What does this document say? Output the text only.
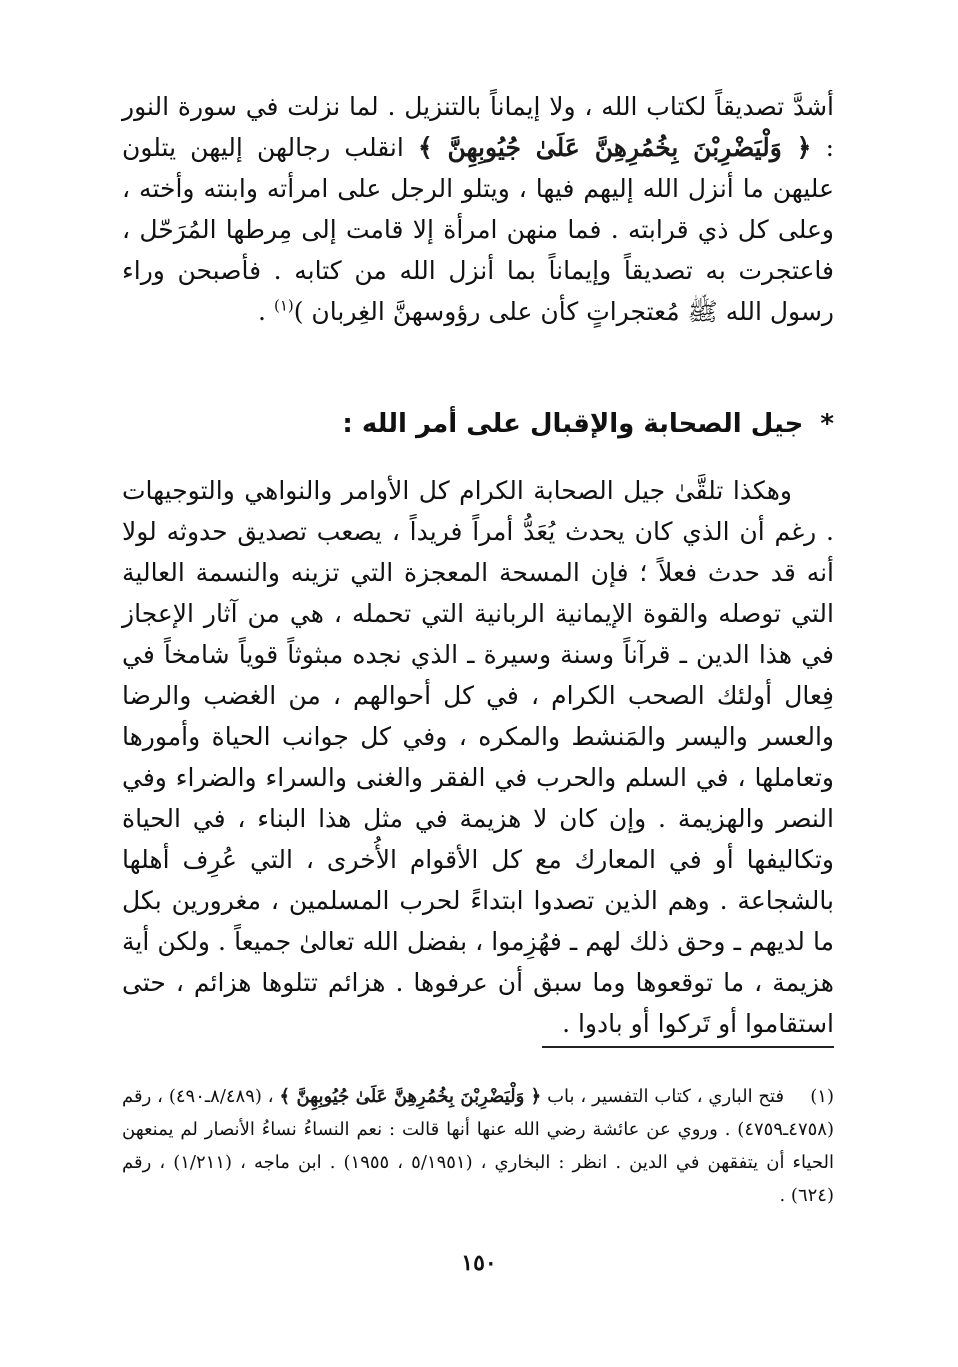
أشدَّ تصديقاً لكتاب الله ، ولا إيماناً بالتنزيل . لما نزلت في سورة النور : ﴿ وَلْيَضْرِبْنَ بِخُمُرِهِنَّ عَلَىٰ جُيُوبِهِنَّ ﴾ انقلب رجالهن إليهن يتلون عليهن ما أنزل الله إليهم فيها ، ويتلو الرجل على امرأته وابنته وأخته ، وعلى كل ذي قرابته . فما منهن امرأة إلا قامت إلى مِرطها المُرَحّل ، فاعتجرت به تصديقاً وإيماناً بما أنزل الله من كتابه . فأصبحن وراء رسول الله ﷺ مُعتجراتٍ كأن على رؤوسهنَّ الغِربان )$^{(١)}$ .
* جيل الصحابة والإقبال على أمر الله :
وهكذا تلقَّىٰ جيل الصحابة الكرام كل الأوامر والنواهي والتوجيهات . رغم أن الذي كان يحدث يُعَدُّ أمراً فريداً ، يصعب تصديق حدوثه لولا أنه قد حدث فعلاً ؛ فإن المسحة المعجزة التي تزينه والنسمة العالية التي توصله والقوة الإيمانية الربانية التي تحمله ، هي من آثار الإعجاز في هذا الدين ـ قرآناً وسنة وسيرة ـ الذي نجده مبثوثاً قوياً شامخاً في فِعال أولئك الصحب الكرام ، في كل أحوالهم ، من الغضب والرضا والعسر واليسر والمَنشط والمكره ، وفي كل جوانب الحياة وأمورها وتعاملها ، في السلم والحرب في الفقر والغنى والسراء والضراء وفي النصر والهزيمة . وإن كان لا هزيمة في مثل هذا البناء ، في الحياة وتكاليفها أو في المعارك مع كل الأقوام الأُخرى ، التي عُرِف أهلها بالشجاعة . وهم الذين تصدوا ابتداءً لحرب المسلمين ، مغرورين بكل ما لديهم ـ وحق ذلك لهم ـ فهُزِموا ، بفضل الله تعالىٰ جميعاً . ولكن أية هزيمة ، ما توقعوها وما سبق أن عرفوها . هزائم تتلوها هزائم ، حتى استقاموا أو تَركوا أو بادوا .
(١) فتح الباري ، كتاب التفسير ، باب ﴿ وَلْيَضْرِبْنَ بِخُمُرِهِنَّ عَلَىٰ جُيُوبِهِنَّ ﴾ ، (٨/٤٨٩ـ٤٩٠) ، رقم (٤٧٥٨ـ٤٧٥٩) . وروي عن عائشة رضي الله عنها أنها قالت : نعم النساءُ نساءُ الأنصار لم يمنعهن الحياء أن يتفقهن في الدين . انظر : البخاري ، (٥/١٩٥١ ، ١٩٥٥) . ابن ماجه ، (١/٢١١) ، رقم (٦٢٤) .
١٥٠
